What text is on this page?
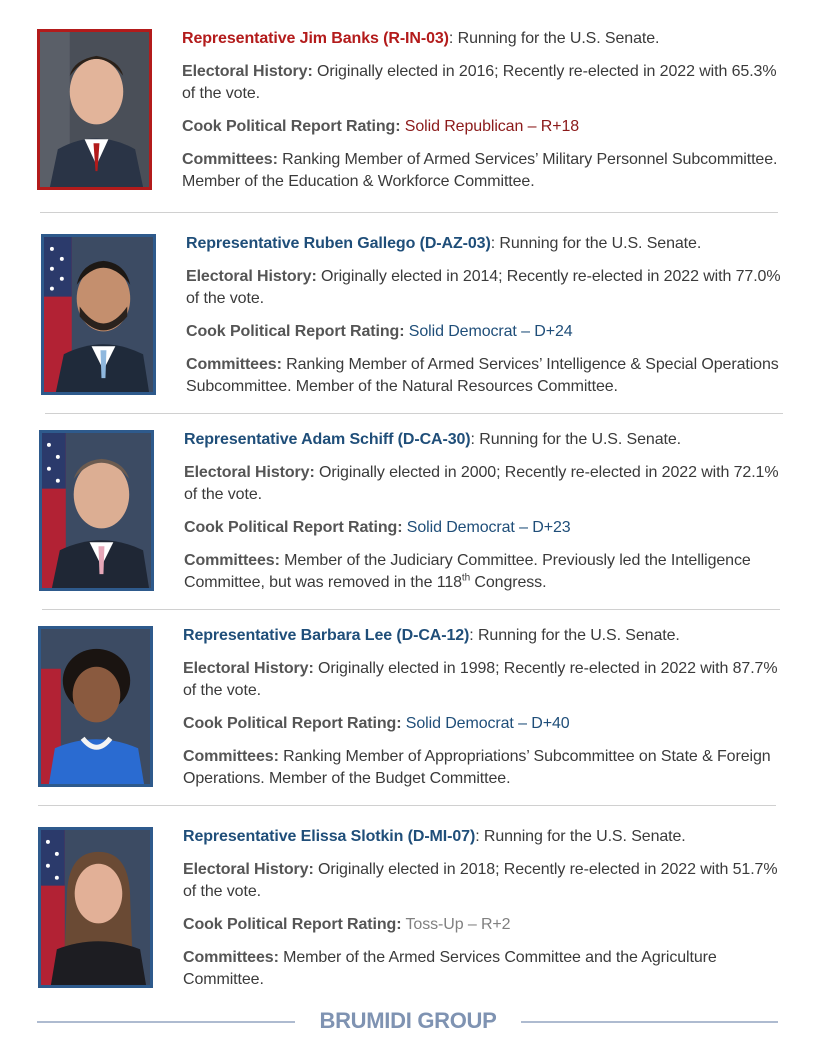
Representative Jim Banks (R-IN-03): Running for the U.S. Senate.

Electoral History: Originally elected in 2016; Recently re-elected in 2022 with 65.3% of the vote.

Cook Political Report Rating: Solid Republican – R+18

Committees: Ranking Member of Armed Services’ Military Personnel Subcommittee. Member of the Education & Workforce Committee.

Representative Ruben Gallego (D-AZ-03): Running for the U.S. Senate.

Electoral History: Originally elected in 2014; Recently re-elected in 2022 with 77.0% of the vote.

Cook Political Report Rating: Solid Democrat – D+24

Committees: Ranking Member of Armed Services’ Intelligence & Special Operations Subcommittee. Member of the Natural Resources Committee.

Representative Adam Schiff (D-CA-30): Running for the U.S. Senate.

Electoral History: Originally elected in 2000; Recently re-elected in 2022 with 72.1% of the vote.

Cook Political Report Rating: Solid Democrat – D+23

Committees: Member of the Judiciary Committee. Previously led the Intelligence Committee, but was removed in the 118th Congress.

Representative Barbara Lee (D-CA-12): Running for the U.S. Senate.

Electoral History: Originally elected in 1998; Recently re-elected in 2022 with 87.7% of the vote.

Cook Political Report Rating: Solid Democrat – D+40

Committees: Ranking Member of Appropriations’ Subcommittee on State & Foreign Operations. Member of the Budget Committee.

Representative Elissa Slotkin (D-MI-07): Running for the U.S. Senate.

Electoral History: Originally elected in 2018; Recently re-elected in 2022 with 51.7% of the vote.

Cook Political Report Rating: Toss-Up – R+2

Committees: Member of the Armed Services Committee and the Agriculture Committee.

BRUMIDI GROUP
